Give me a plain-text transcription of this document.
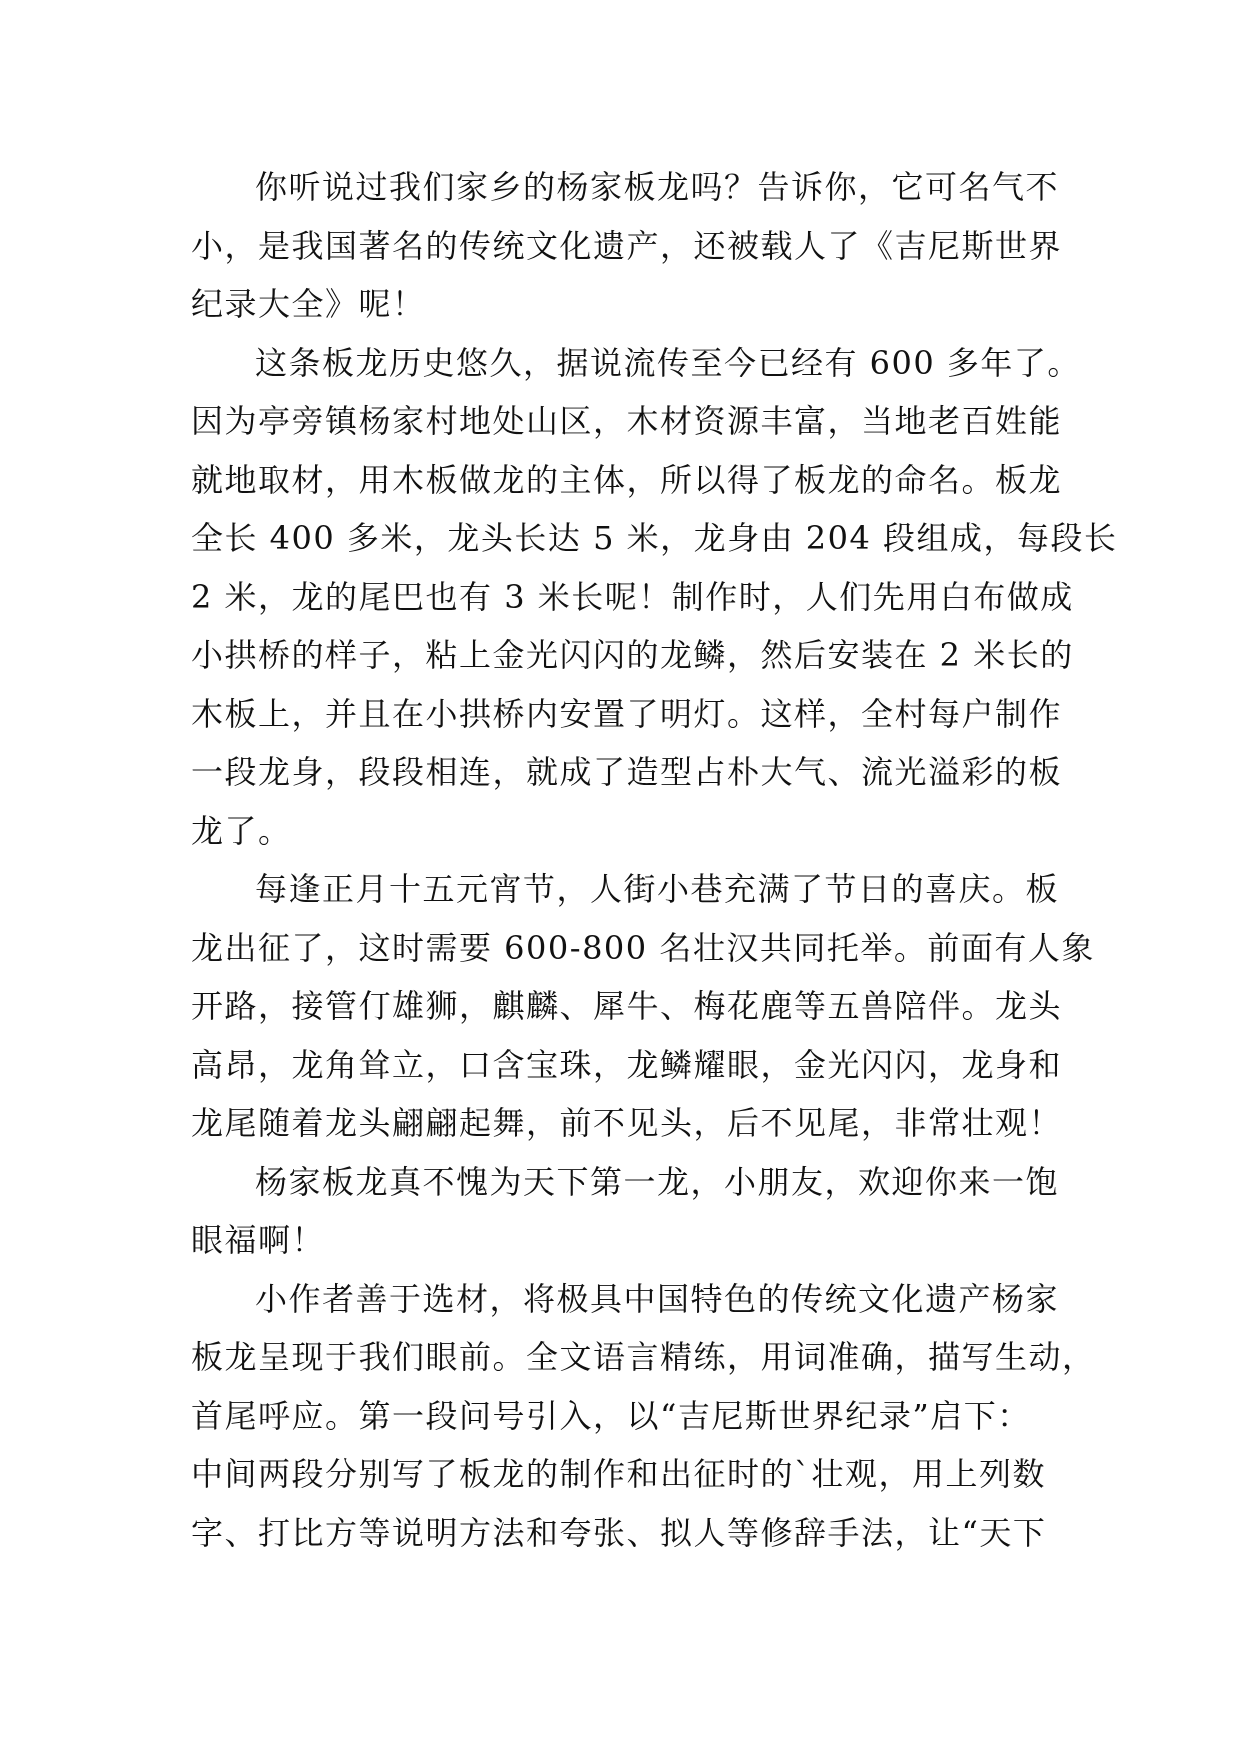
你听说过我们家乡的杨家板龙吗？告诉你，它可名气不
小，是我国著名的传统文化遗产，还被载人了《吉尼斯世界
纪录大全》呢！
这条板龙历史悠久，据说流传至今已经有 600 多年了。
因为亭旁镇杨家村地处山区，木材资源丰富，当地老百姓能
就地取材，用木板做龙的主体，所以得了板龙的命名。板龙
全长 400 多米，龙头长达 5 米，龙身由 204 段组成，每段长
2 米，龙的尾巴也有 3 米长呢！制作时，人们先用白布做成
小拱桥的样子，粘上金光闪闪的龙鳞，然后安装在 2 米长的
木板上，并且在小拱桥内安置了明灯。这样，全村每户制作
一段龙身，段段相连，就成了造型占朴大气、流光溢彩的板
龙了。
每逢正月十五元宵节，人街小巷充满了节日的喜庆。板
龙出征了，这时需要 600-800 名壮汉共同托举。前面有人象
开路，接管仃雄狮，麒麟、犀牛、梅花鹿等五兽陪伴。龙头
高昂，龙角耸立，口含宝珠，龙鳞耀眼，金光闪闪，龙身和
龙尾随着龙头翩翩起舞，前不见头，后不见尾，非常壮观！
杨家板龙真不愧为天下第一龙，小朋友，欢迎你来一饱
眼福啊！
小作者善于选材，将极具中国特色的传统文化遗产杨家
板龙呈现于我们眼前。全文语言精练，用词准确，描写生动，
首尾呼应。第一段问号引入，以“吉尼斯世界纪录”启下：
中间两段分别写了板龙的制作和出征时的`壮观，用上列数
字、打比方等说明方法和夸张、拟人等修辞手法，让“天下
